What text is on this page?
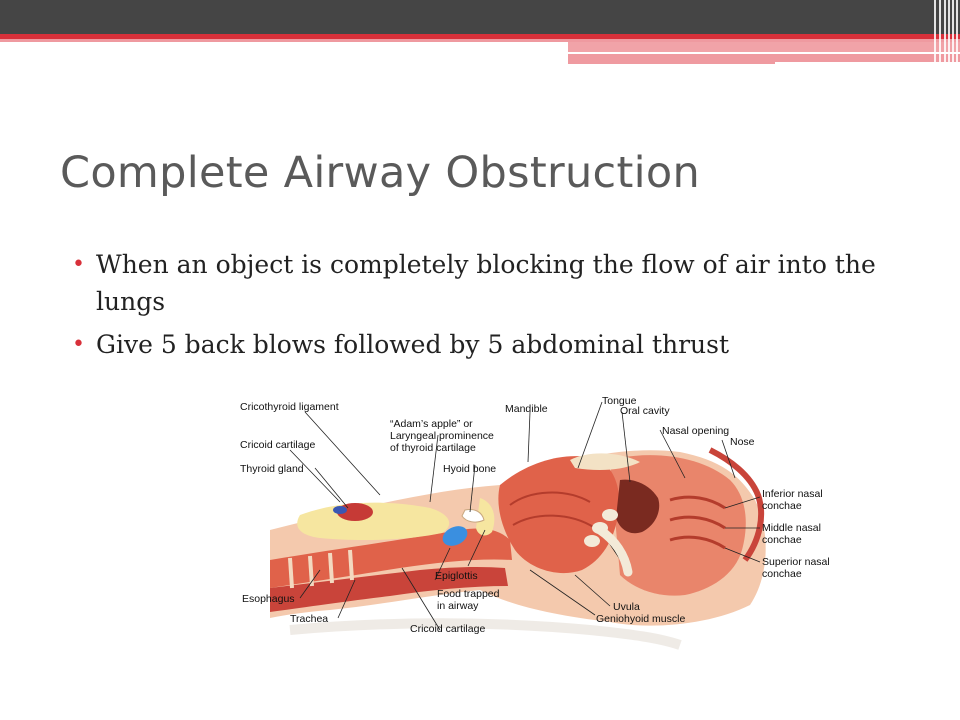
Complete Airway Obstruction
• When an object is completely blocking the flow of air into the lungs
• Give 5 back blows followed by 5 abdominal thrust
Cricothyroid ligament
“Adam’s apple” or
Laryngeal prominence
of thyroid cartilage
Cricoid cartilage
Thyroid gland	Hyoid bone
Mandible
Tongue
Oral cavity
Nasal opening
Nose
Inferior nasal
conchae
Middle nasal
conchae
Superior nasal
conchae
Esophagus
Trachea
Epiglottis
Food trapped
in airway
Cricoid cartilage
Uvula
Geniohyoid muscle
